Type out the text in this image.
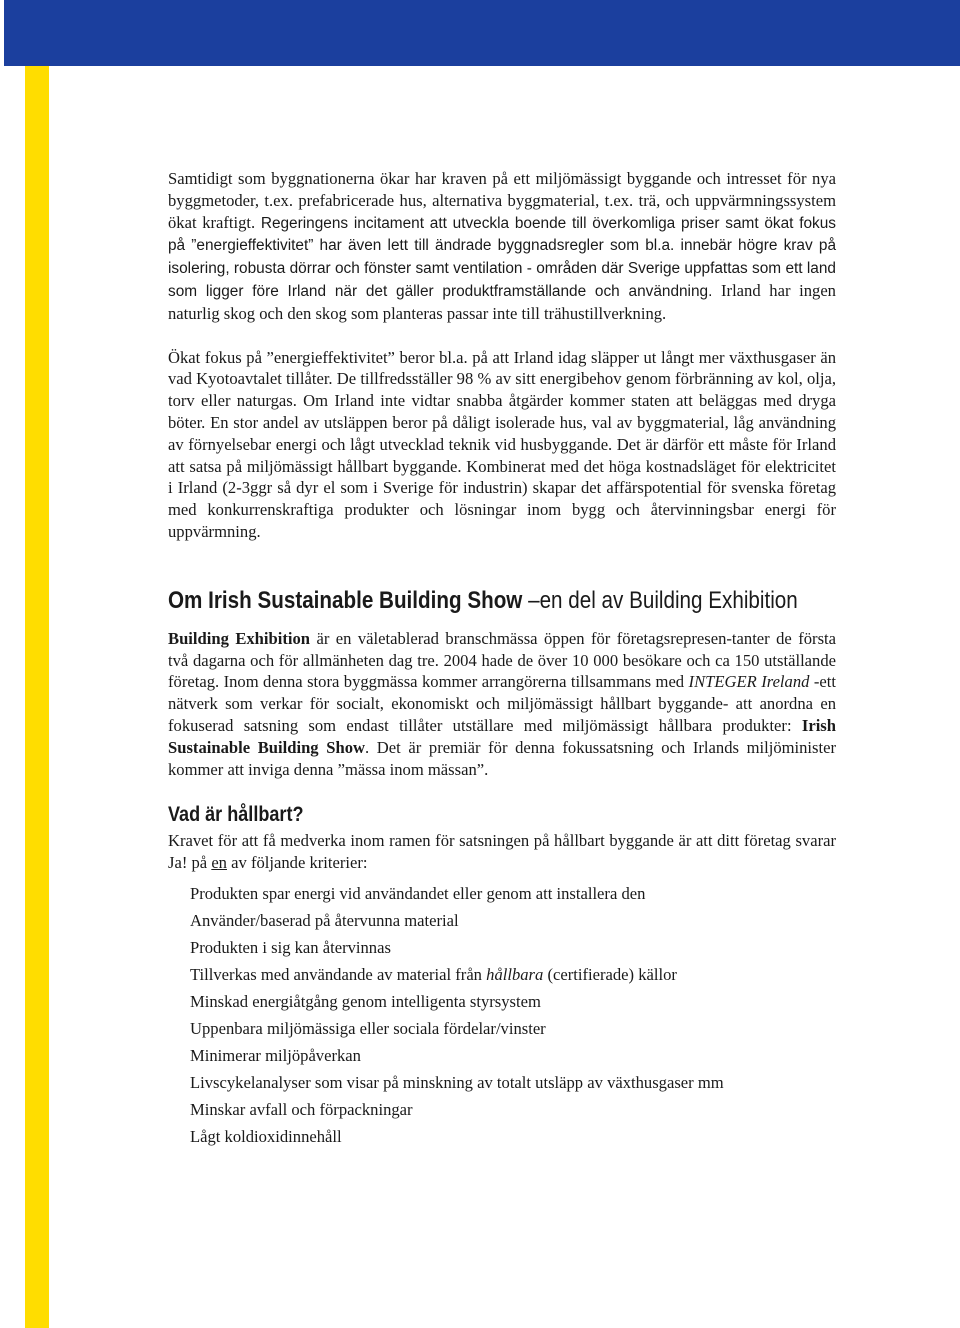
Samtidigt som byggnationerna ökar har kraven på ett miljömässigt byggande och intresset för nya byggmetoder, t.ex. prefabricerade hus, alternativa byggmaterial, t.ex. trä, och uppvärmningssystem ökat kraftigt. Regeringens incitament att utveckla boende till överkomliga priser samt ökat fokus på ”energieffektivitet” har även lett till ändrade byggnadsregler som bl.a. innebär högre krav på isolering, robusta dörrar och fönster samt ventilation - områden där Sverige uppfattas som ett land som ligger före Irland när det gäller produktframställande och användning. Irland har ingen naturlig skog och den skog som planteras passar inte till trähustillverkning.

Ökat fokus på ”energieffektivitet” beror bl.a. på att Irland idag släpper ut långt mer växthusgaser än vad Kyotoavtalet tillåter. De tillfredsställer 98 % av sitt energibehov genom förbränning av kol, olja, torv eller naturgas. Om Irland inte vidtar snabba åtgärder kommer staten att beläggas med dryga böter. En stor andel av utsläppen beror på dåligt isolerade hus, val av byggmaterial, låg användning av förnyelsebar energi och lågt utvecklad teknik vid husbyggande. Det är därför ett måste för Irland att satsa på miljömässigt hållbart byggande. Kombinerat med det höga kostnadsläget för elektricitet i Irland (2-3ggr så dyr el som i Sverige för industrin) skapar det affärspotential för svenska företag med konkurrenskraftiga produkter och lösningar inom bygg och återvinningsbar energi för uppvärmning.

Om Irish Sustainable Building Show –en del av Building Exhibition

Building Exhibition är en väletablerad branschmässa öppen för företagsrepresen-tanter de första två dagarna och för allmänheten dag tre. 2004 hade de över 10 000 besökare och ca 150 utställande företag. Inom denna stora byggmässa kommer arrangörerna tillsammans med INTEGER Ireland -ett nätverk som verkar för socialt, ekonomiskt och miljömässigt hållbart byggande- att anordna en fokuserad satsning som endast tillåter utställare med miljömässigt hållbara produkter: Irish Sustainable Building Show. Det är premiär för denna fokussatsning och Irlands miljöminister kommer att inviga denna ”mässa inom mässan”.

Vad är hållbart?

Kravet för att få medverka inom ramen för satsningen på hållbart byggande är att ditt företag svarar Ja! på en av följande kriterier:

Produkten spar energi vid användandet eller genom att installera den
Använder/baserad på återvunna material
Produkten i sig kan återvinnas
Tillverkas med användande av material från hållbara (certifierade) källor
Minskad energiåtgång genom intelligenta styrsystem
Uppenbara miljömässiga eller sociala fördelar/vinster
Minimerar miljöpåverkan
Livscykelanalyser som visar på minskning av totalt utsläpp av växthusgaser mm
Minskar avfall och förpackningar
Lågt koldioxidinnehåll
